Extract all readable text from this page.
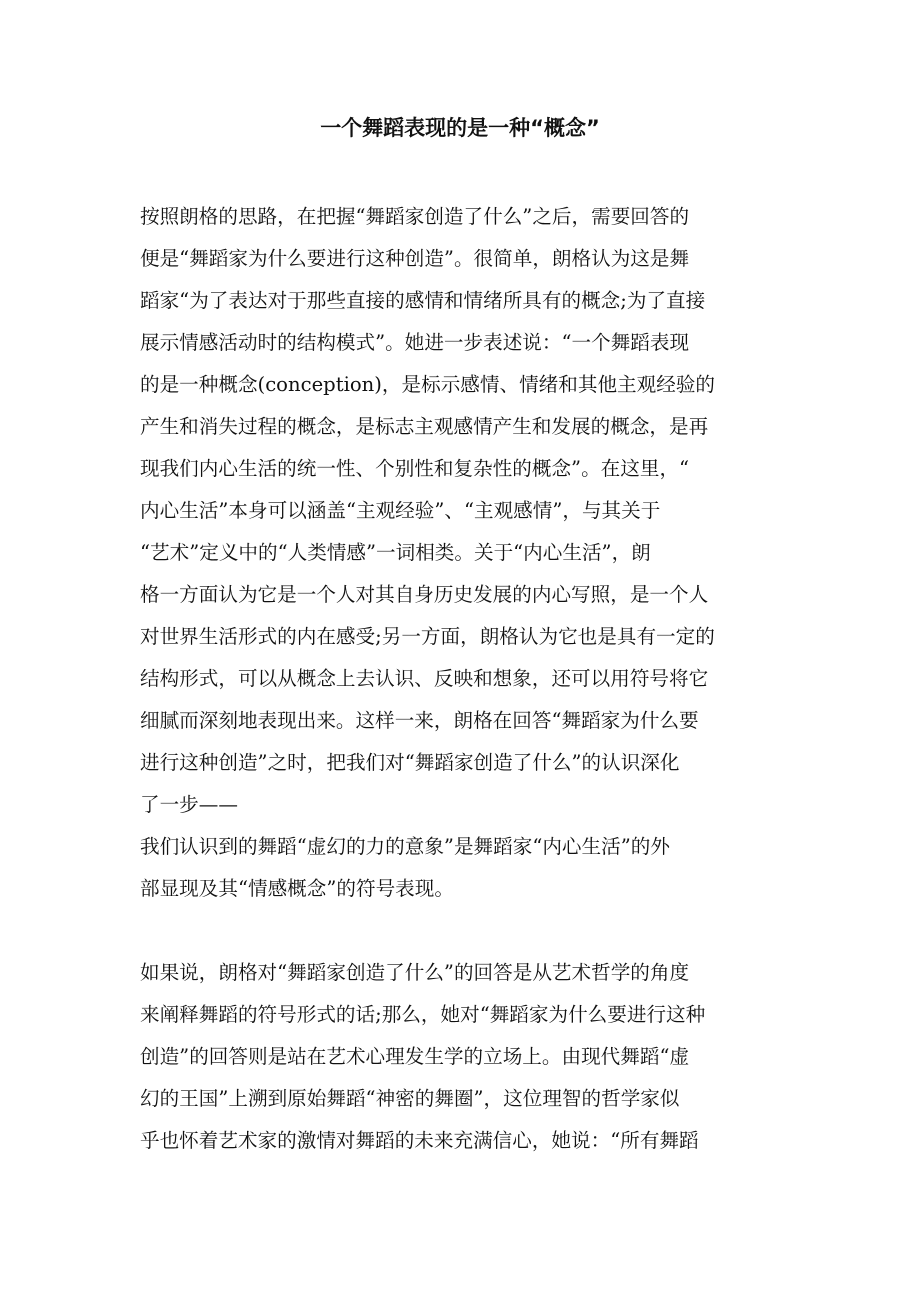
一个舞蹈表现的是一种“概念”
按照朗格的思路，在把握“舞蹈家创造了什么”之后，需要回答的
便是“舞蹈家为什么要进行这种创造”。很简单，朗格认为这是舞
蹈家“为了表达对于那些直接的感情和情绪所具有的概念;为了直接
展示情感活动时的结构模式”。她进一步表述说：“一个舞蹈表现
的是一种概念(conception)，是标示感情、情绪和其他主观经验的
产生和消失过程的概念，是标志主观感情产生和发展的概念，是再
现我们内心生活的统一性、个别性和复杂性的概念”。在这里，“
内心生活”本身可以涵盖“主观经验”、“主观感情”，与其关于
“艺术”定义中的“人类情感”一词相类。关于“内心生活”，朗
格一方面认为它是一个人对其自身历史发展的内心写照，是一个人
对世界生活形式的内在感受;另一方面，朗格认为它也是具有一定的
结构形式，可以从概念上去认识、反映和想象，还可以用符号将它
细腻而深刻地表现出来。这样一来，朗格在回答“舞蹈家为什么要
进行这种创造”之时，把我们对“舞蹈家创造了什么”的认识深化
了一步——
我们认识到的舞蹈“虚幻的力的意象”是舞蹈家“内心生活”的外
部显现及其“情感概念”的符号表现。
如果说，朗格对“舞蹈家创造了什么”的回答是从艺术哲学的角度
来阐释舞蹈的符号形式的话;那么，她对“舞蹈家为什么要进行这种
创造”的回答则是站在艺术心理发生学的立场上。由现代舞蹈“虚
幻的王国”上溯到原始舞蹈“神密的舞圈”，这位理智的哲学家似
乎也怀着艺术家的激情对舞蹈的未来充满信心，她说：“所有舞蹈
